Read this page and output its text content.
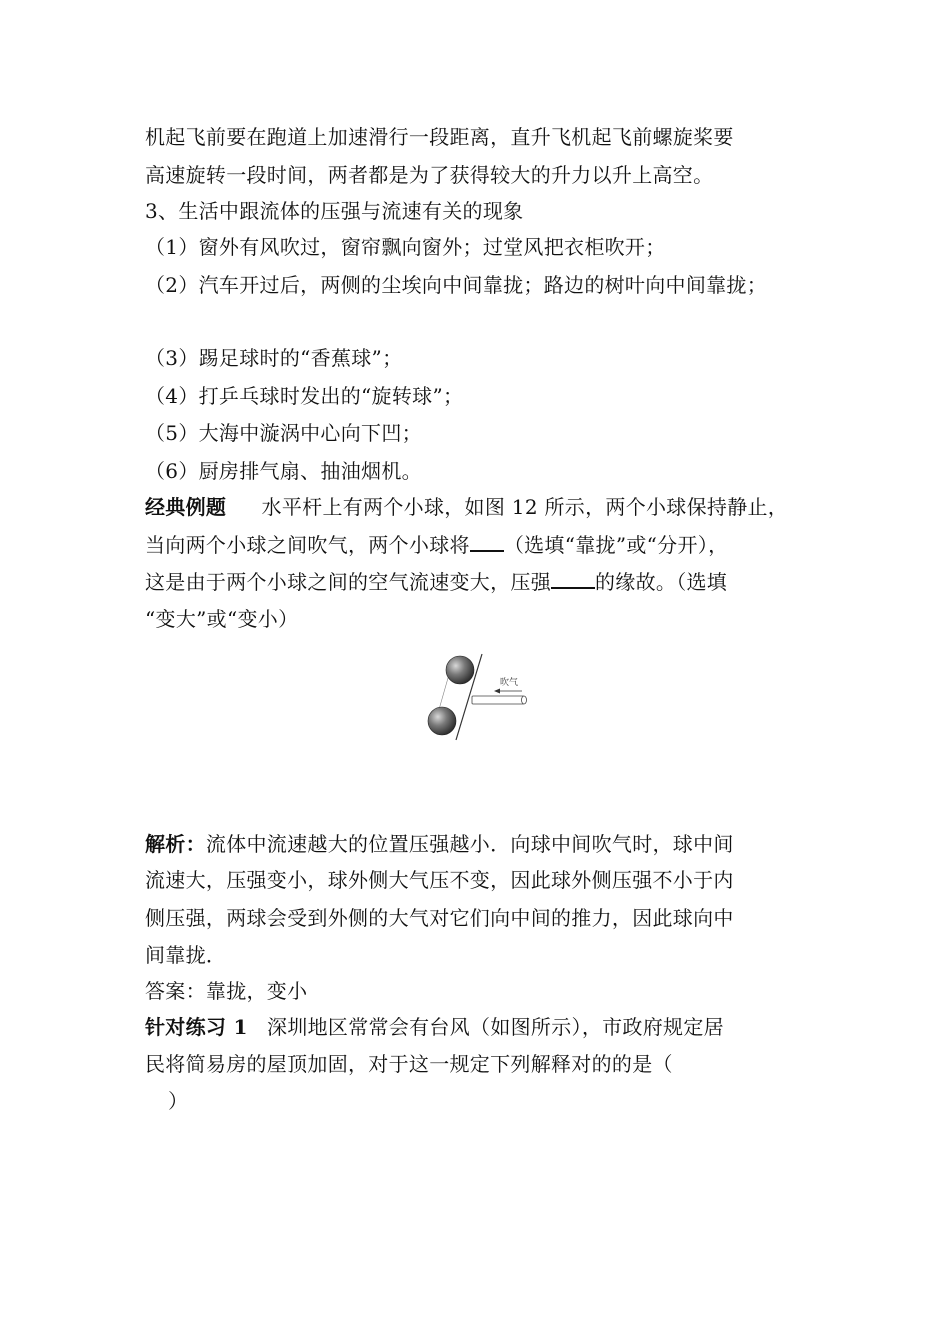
机起飞前要在跑道上加速滑行一段距离，直升飞机起飞前螺旋桨要
高速旋转一段时间，两者都是为了获得较大的升力以升上高空。
3、生活中跟流体的压强与流速有关的现象
（1）窗外有风吹过，窗帘飘向窗外；过堂风把衣柜吹开；
（2）汽车开过后，两侧的尘埃向中间靠拢；路边的树叶向中间靠拢；
（3）踢足球时的“香蕉球”；
（4）打乒乓球时发出的“旋转球”；
（5）大海中漩涡中心向下凹；
（6）厨房排气扇、抽油烟机。
经典例题 水平杆上有两个小球，如图 12 所示，两个小球保持静止，
当向两个小球之间吹气，两个小球将 （选填“靠拢”或“分开），
这是由于两个小球之间的空气流速变大，压强 的缘故。（选填
“变大”或“变小）
吹气
解析：流体中流速越大的位置压强越小．向球中间吹气时，球中间
流速大，压强变小，球外侧大气压不变，因此球外侧压强不小于内
侧压强，两球会受到外侧的大气对它们向中间的推力，因此球向中
间靠拢．
答案：靠拢，变小
针对练习 1 深圳地区常常会有台风（如图所示），市政府规定居
民将简易房的屋顶加固，对于这一规定下列解释对的的是（
）
